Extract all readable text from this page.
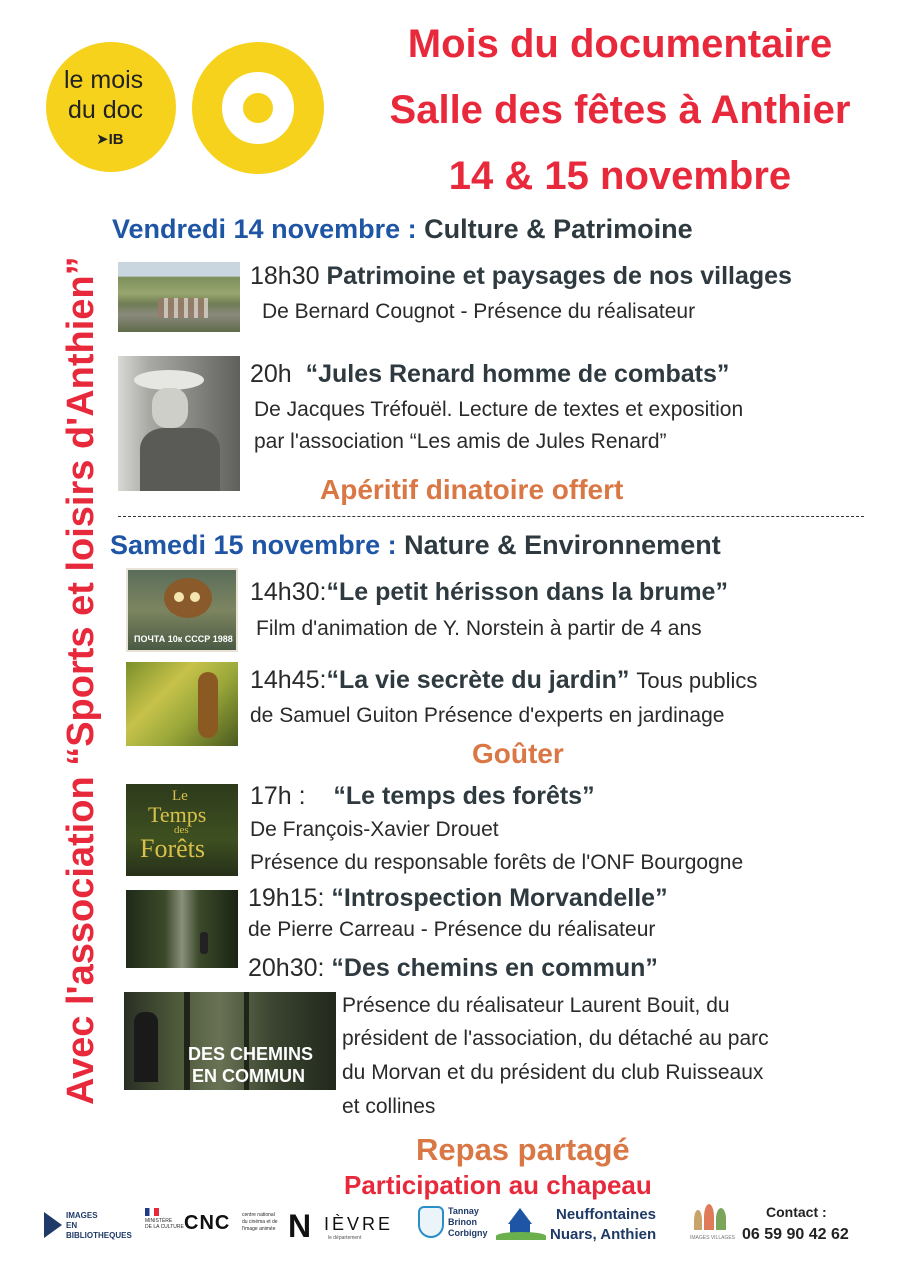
le mois
du doc
➤IB
Mois du documentaire
Salle des fêtes à Anthier
14 & 15 novembre
Avec l'association “Sports et loisirs d'Anthien”
Vendredi 14 novembre : Culture & Patrimoine
18h30 Patrimoine et paysages de nos villages
De Bernard Cougnot - Présence du réalisateur
20h “Jules Renard homme de combats”
De Jacques Tréfouël. Lecture de textes et exposition
par l'association “Les amis de Jules Renard”
Apéritif dinatoire offert
Samedi 15 novembre : Nature & Environnement
ПОЧТА 10к СССР 1988
14h30:“Le petit hérisson dans la brume”
Film d'animation de Y. Norstein à partir de 4 ans
14h45:“La vie secrète du jardin” Tous publics
de Samuel Guiton Présence d'experts en jardinage
Goûter
Le
Temps
des
Forêts
17h : “Le temps des forêts”
De François-Xavier Drouet
Présence du responsable forêts de l'ONF Bourgogne
19h15: “Introspection Morvandelle”
de Pierre Carreau - Présence du réalisateur
20h30: “Des chemins en commun”
DES CHEMINS
EN COMMUN
Présence du réalisateur Laurent Bouit, du
président de l'association, du détaché au parc
du Morvan et du président du club Ruisseaux
et collines
Repas partagé
Participation au chapeau
IMAGES
EN
BIBLIOTHEQUES
MINISTÈRE
DE LA CULTURE CNC centre national
du cinéma et de
l'image animée N IÈVRE
le département
Tannay
Brinon
Corbigny
Neuffontaines
Nuars, Anthien	IMAGES VILLAGES
Contact :
06 59 90 42 62
